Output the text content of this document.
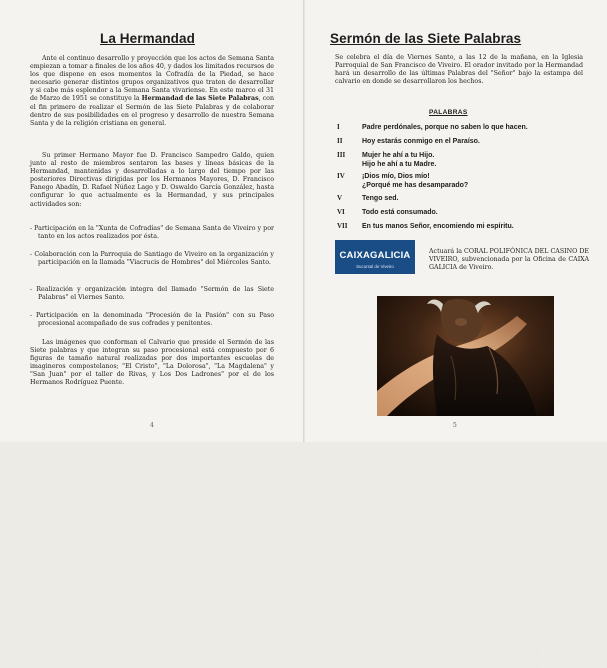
La Hermandad

Ante el continuo desarrollo y proyección que los actos de Semana Santa empiezan a tomar a finales de los años 40, y dados los limitados recursos de los que dispone en esos momentos la Cofradía de la Piedad, se hace necesario generar distintos grupos organizativos que traten de desarrollar y si cabe más esplendor a la Semana Santa vivariense. En este marco el 31 de Marzo de 1951 se constituye la Hermandad de las Siete Palabras, con el fin primero de realizar el Sermón de las Siete Palabras y de colaborar dentro de sus posibilidades en el progreso y desarrollo de nuestra Semana Santa y de la religión cristiana en general.

Su primer Hermano Mayor fue D. Francisco Sampedro Galdo, quien junto al resto de miembros sentaron las bases y líneas básicas de la Hermandad, mantenidas y desarrolladas a lo largo del tiempo por las posteriores Directivas dirigidas por los Hermanos Mayores, D. Francisco Fanego Abadín, D. Rafael Núñez Lago y D. Oswaldo García González, hasta configurar lo que actualmente es la Hermandad, y sus principales actividades son:

- Participación en la "Xunta de Cofradías" de Semana Santa de Viveiro y por tanto en los actos realizados por ésta.

- Colaboración con la Parroquia de Santiago de Viveiro en la organización y participación en la llamada "Viacrucis de Hombres" del Miércoles Santo.

- Realización y organización integra del llamado "Sermón de las Siete Palabras" el Viernes Santo.

- Participación en la denominada "Procesión de la Pasión" con su Paso procesional acompañado de sus cofrades y penitentes.

Las imágenes que conforman el Calvario que preside el Sermón de las Siete palabras y que integran su paso procesional está compuesto por 6 figuras de tamaño natural realizadas por dos importantes escuelas de imagineros compostelanos; "El Cristo", "La Dolorosa", "La Magdalena" y "San Juan" por el taller de Rivas, y Los Dos Ladrones" por el de los Hermanos Rodríguez Puente.

4
Sermón de las Siete Palabras

Se celebra el día de Viernes Santo, a las 12 de la mañana, en la Iglesia Parroquial de San Francisco de Viveiro. El orador invitado por la Hermandad hará un desarrollo de las últimas Palabras del "Señor" bajo la estampa del calvario en donde se desarrollaron los hechos.

PALABRAS
I	Padre perdónales, porque no saben lo que hacen.
II	Hoy estarás conmigo en el Paraíso.
III	Mujer he ahí a tu Hijo.
Hijo he ahí a tu Madre.
IV	¡Dios mío, Dios mío!
¿Porqué me has desamparado?
V	Tengo sed.
VI	Todo está consumado.
VII	En tus manos Señor, encomiendo mi espíritu.
CAIXAGALICIA
Sucursal de Viveiro

Actuará la CORAL POLIFÓNICA DEL CASINO DE VIVEIRO, subvencionada por la Oficina de CAIXA GALICIA de Viveiro.

Foto: J. Miño
5
